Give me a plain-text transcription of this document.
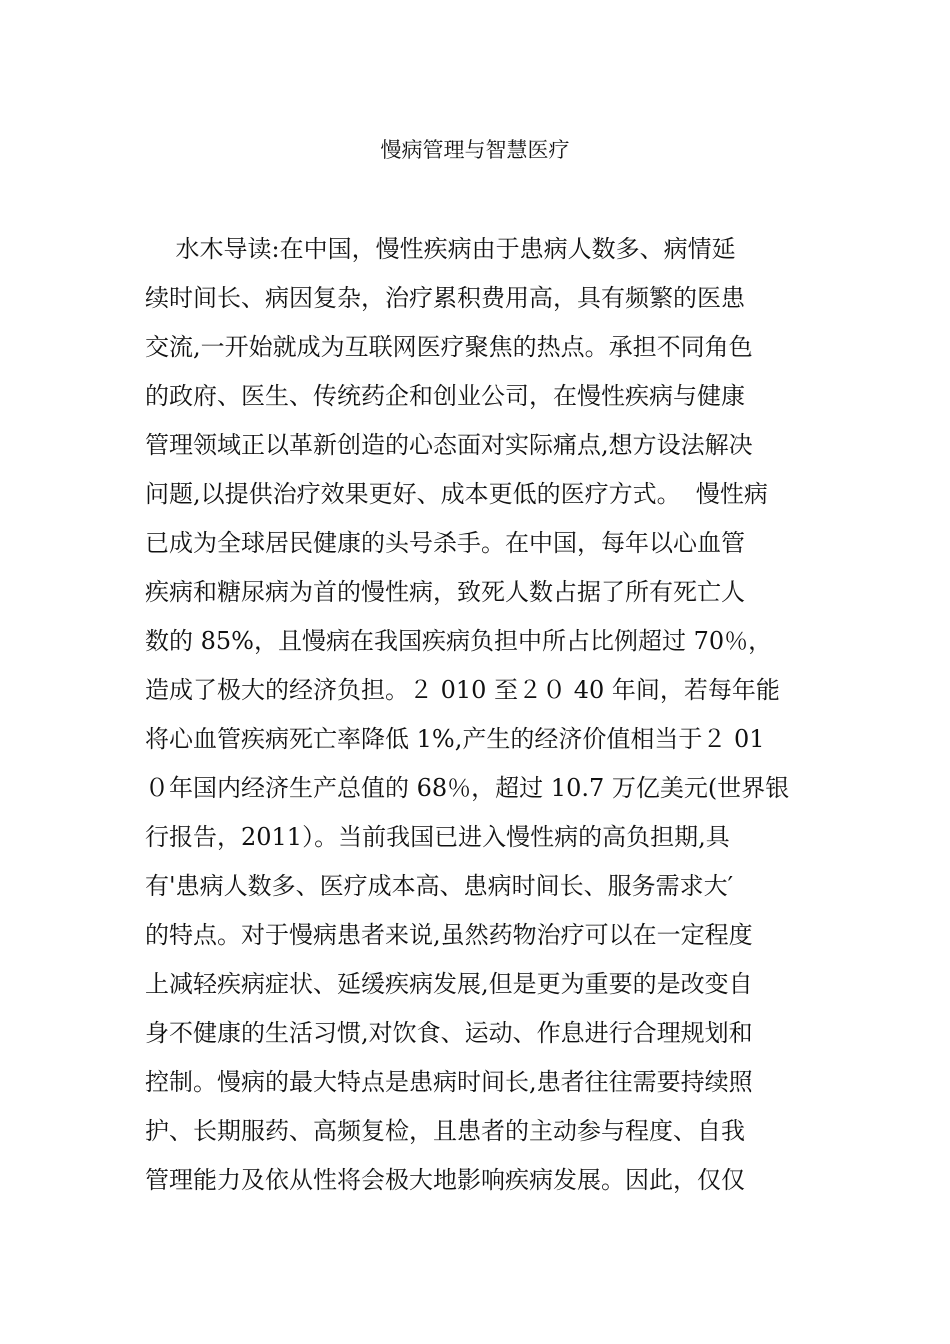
慢病管理与智慧医疗
水木导读:在中国，慢性疾病由于患病人数多、病情延
续时间长、病因复杂，治疗累积费用高，具有频繁的医患
交流,一开始就成为互联网医疗聚焦的热点。承担不同角色
的政府、医生、传统药企和创业公司，在慢性疾病与健康
管理领域正以革新创造的心态面对实际痛点,想方设法解决
问题,以提供治疗效果更好、成本更低的医疗方式。  慢性病
已成为全球居民健康的头号杀手。在中国，每年以心血管
疾病和糖尿病为首的慢性病，致死人数占据了所有死亡人
数的 85%，且慢病在我国疾病负担中所占比例超过 70％，
造成了极大的经济负担。２ 010 至２０ 40 年间，若每年能
将心血管疾病死亡率降低 1%,产生的经济价值相当于２ 01
０年国内经济生产总值的 68％，超过 10.7 万亿美元(世界银
行报告，2011）。当前我国已进入慢性病的高负担期,具
有'患病人数多、医疗成本高、患病时间长、服务需求大′
的特点。对于慢病患者来说,虽然药物治疗可以在一定程度
上减轻疾病症状、延缓疾病发展,但是更为重要的是改变自
身不健康的生活习惯,对饮食、运动、作息进行合理规划和
控制。慢病的最大特点是患病时间长,患者往往需要持续照
护、长期服药、高频复检，且患者的主动参与程度、自我
管理能力及依从性将会极大地影响疾病发展。因此，仅仅
